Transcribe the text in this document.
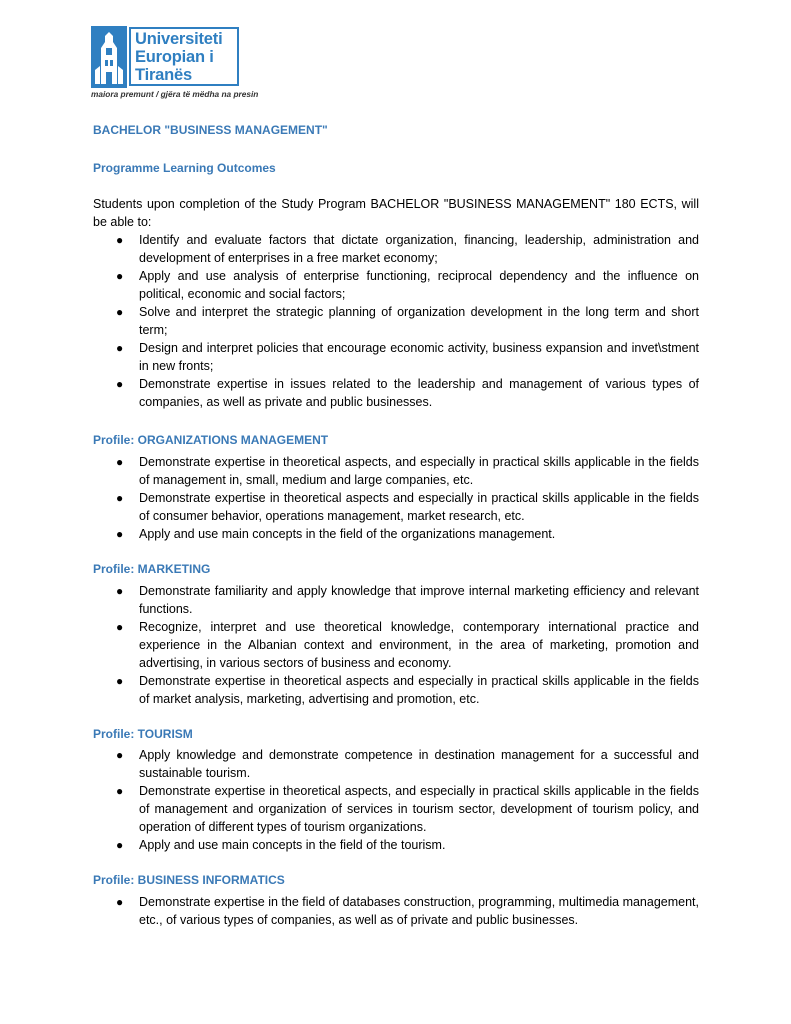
Universiteti
Europian i
Tiranës
maiora premunt / gjëra të mëdha na presin
BACHELOR "BUSINESS MANAGEMENT"
Programme Learning Outcomes

Students upon completion of the Study Program BACHELOR "BUSINESS MANAGEMENT" 180 ECTS, will be able to:

● Identify and evaluate factors that dictate organization, financing, leadership, administration and development of enterprises in a free market economy;
● Apply and use analysis of enterprise functioning, reciprocal dependency and the influence on political, economic and social factors;
● Solve and interpret the strategic planning of organization development in the long term and short term;
● Design and interpret policies that encourage economic activity, business expansion and invet\stment in new fronts;
● Demonstrate expertise in issues related to the leadership and management of various types of companies, as well as private and public businesses.
Profile: ORGANIZATIONS MANAGEMENT
● Demonstrate expertise in theoretical aspects, and especially in practical skills applicable in the fields of management in, small, medium and large companies, etc.
● Demonstrate expertise in theoretical aspects and especially in practical skills applicable in the fields of consumer behavior, operations management, market research, etc.
● Apply and use main concepts in the field of the organizations management.
Profile: MARKETING
● Demonstrate familiarity and apply knowledge that improve internal marketing efficiency and relevant functions.
● Recognize, interpret and use theoretical knowledge, contemporary international practice and experience in the Albanian context and environment, in the area of marketing, promotion and advertising, in various sectors of business and economy.
● Demonstrate expertise in theoretical aspects and especially in practical skills applicable in the fields of market analysis, marketing, advertising and promotion, etc.
Profile: TOURISM
● Apply knowledge and demonstrate competence in destination management for a successful and sustainable tourism.
● Demonstrate expertise in theoretical aspects, and especially in practical skills applicable in the fields of management and organization of services in tourism sector, development of tourism policy, and operation of different types of tourism organizations.
● Apply and use main concepts in the field of the tourism.
Profile: BUSINESS INFORMATICS
● Demonstrate expertise in the field of databases construction, programming, multimedia management, etc., of various types of companies, as well as of private and public businesses.
